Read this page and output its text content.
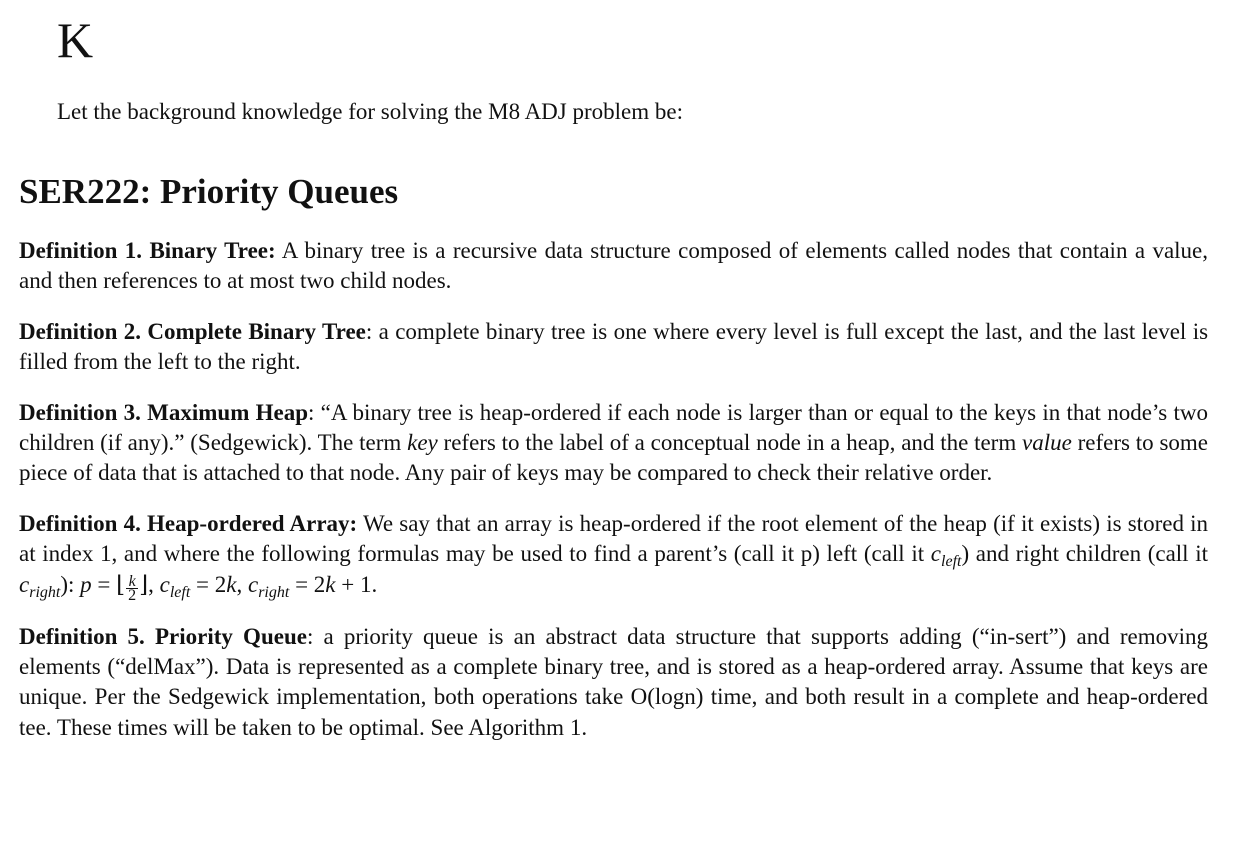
K
Let the background knowledge for solving the M8 ADJ problem be:
SER222: Priority Queues

Definition 1. Binary Tree: A binary tree is a recursive data structure composed of elements called nodes that contain a value, and then references to at most two child nodes.

Definition 2. Complete Binary Tree: a complete binary tree is one where every level is full except the last, and the last level is filled from the left to the right.

Definition 3. Maximum Heap: “A binary tree is heap-ordered if each node is larger than or equal to the keys in that node’s two children (if any).” (Sedgewick). The term key refers to the label of a conceptual node in a heap, and the term value refers to some piece of data that is attached to that node. Any pair of keys may be compared to check their relative order.

Definition 4. Heap-ordered Array: We say that an array is heap-ordered if the root element of the heap (if it exists) is stored in at index 1, and where the following formulas may be used to find a parent’s (call it p) left (call it $c_{left}$) and right children (call it $c_{right}$): p = ⌊ $\frac{k}{2}$ ⌋, $c_{left} = 2k$, $c_{right} = 2k + 1$.

Definition 5. Priority Queue: a priority queue is an abstract data structure that supports adding (“in-sert”) and removing elements (“delMax”). Data is represented as a complete binary tree, and is stored as a heap-ordered array. Assume that keys are unique. Per the Sedgewick implementation, both operations take O(logn) time, and both result in a complete and heap-ordered tee. These times will be taken to be optimal. See Algorithm 1.
